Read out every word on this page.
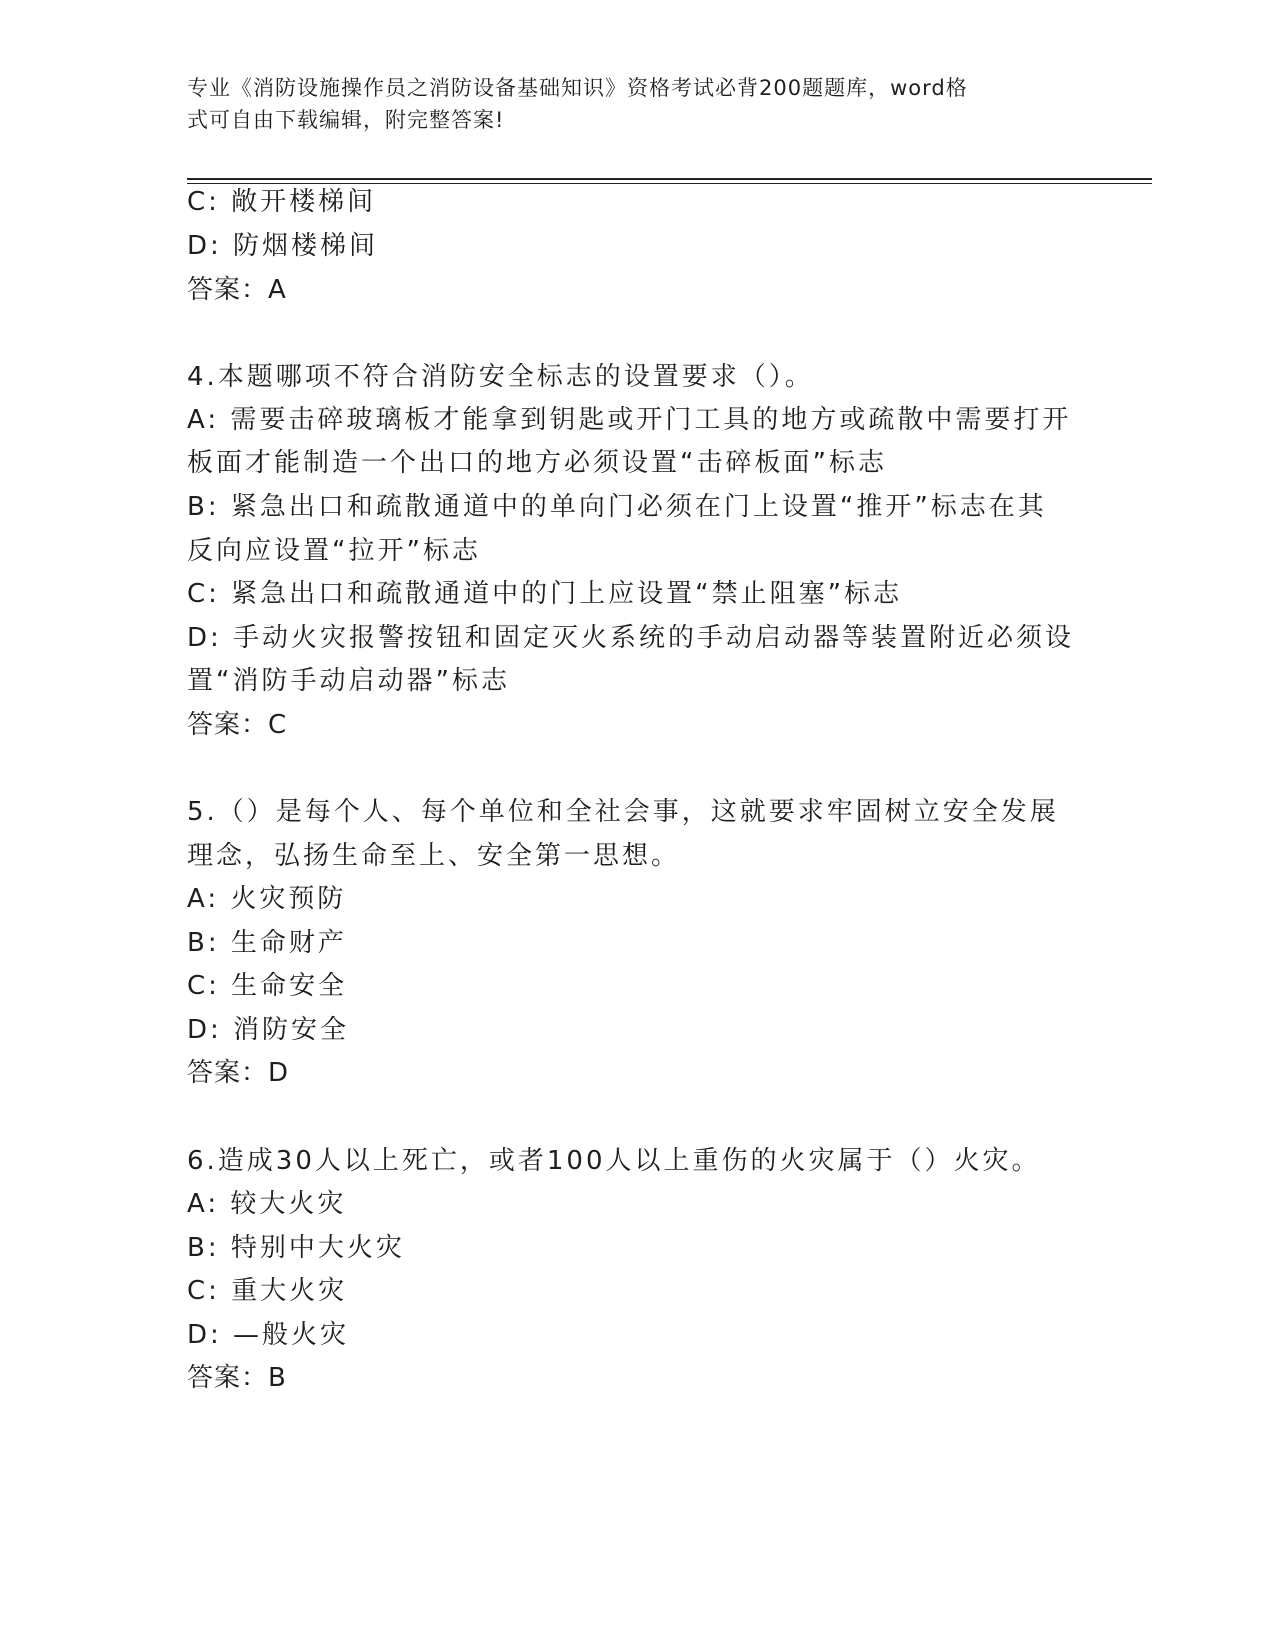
专业《消防设施操作员之消防设备基础知识》资格考试必背200题题库，word格
式可自由下载编辑，附完整答案!
C: 敞开楼梯间
D: 防烟楼梯间
答案：A
4.本题哪项不符合消防安全标志的设置要求（）。
A: 需要击碎玻璃板才能拿到钥匙或开门工具的地方或疏散中需要打开
板面才能制造一个出口的地方必须设置“击碎板面”标志
B: 紧急出口和疏散通道中的单向门必须在门上设置“推开”标志在其
反向应设置“拉开”标志
C: 紧急出口和疏散通道中的门上应设置“禁止阻塞”标志
D: 手动火灾报警按钮和固定灭火系统的手动启动器等装置附近必须设
置“消防手动启动器”标志
答案：C
5.（）是每个人、每个单位和全社会事，这就要求牢固树立安全发展
理念，弘扬生命至上、安全第一思想。
A: 火灾预防
B: 生命财产
C: 生命安全
D: 消防安全
答案：D
6.造成30人以上死亡，或者100人以上重伤的火灾属于（）火灾。
A: 较大火灾
B: 特别中大火灾
C: 重大火灾
D: —般火灾
答案：B
